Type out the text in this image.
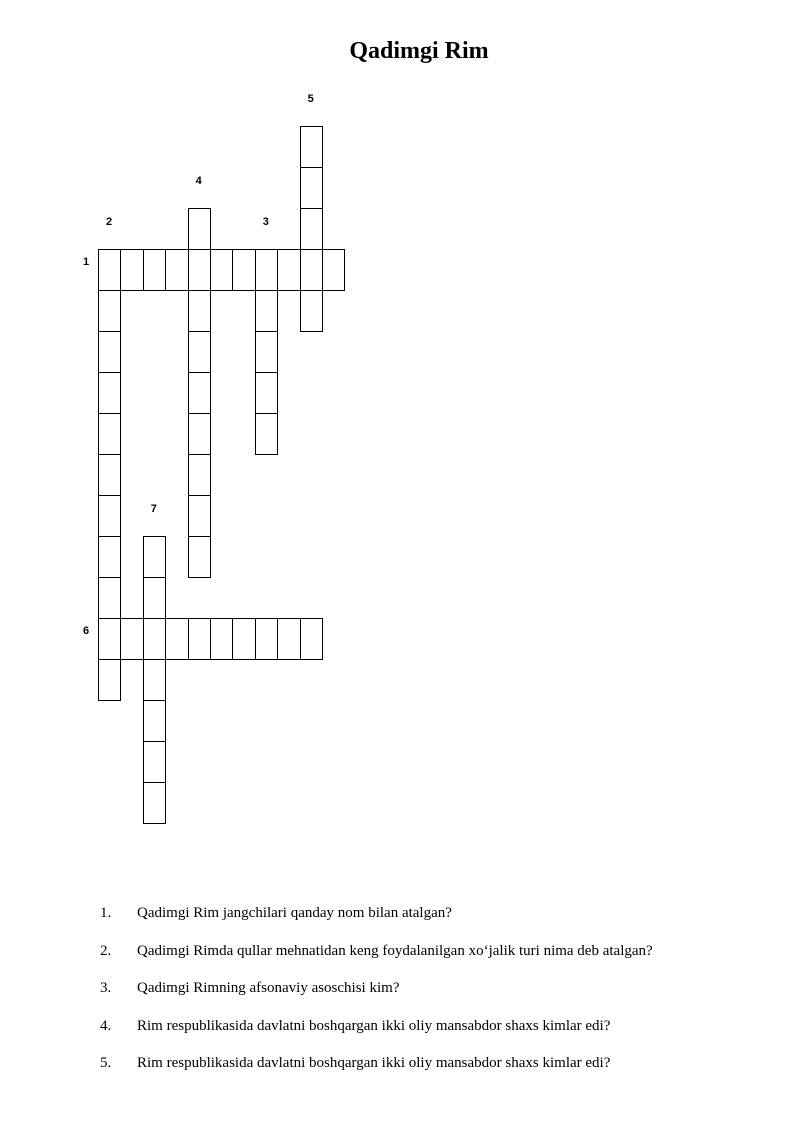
Qadimgi Rim
1
3
4
5
6
7
2
1. Qadimgi Rim jangchilari qanday nom bilan atalgan?
2. Qadimgi Rimda qullar mehnatidan keng foydalanilgan xo‘jalik turi nima deb atalgan?
3. Qadimgi Rimning afsonaviy asoschisi kim?
4. Rim respublikasida davlatni boshqargan ikki oliy mansabdor shaxs kimlar edi?
5. Rim respublikasida davlatni boshqargan ikki oliy mansabdor shaxs kimlar edi?
